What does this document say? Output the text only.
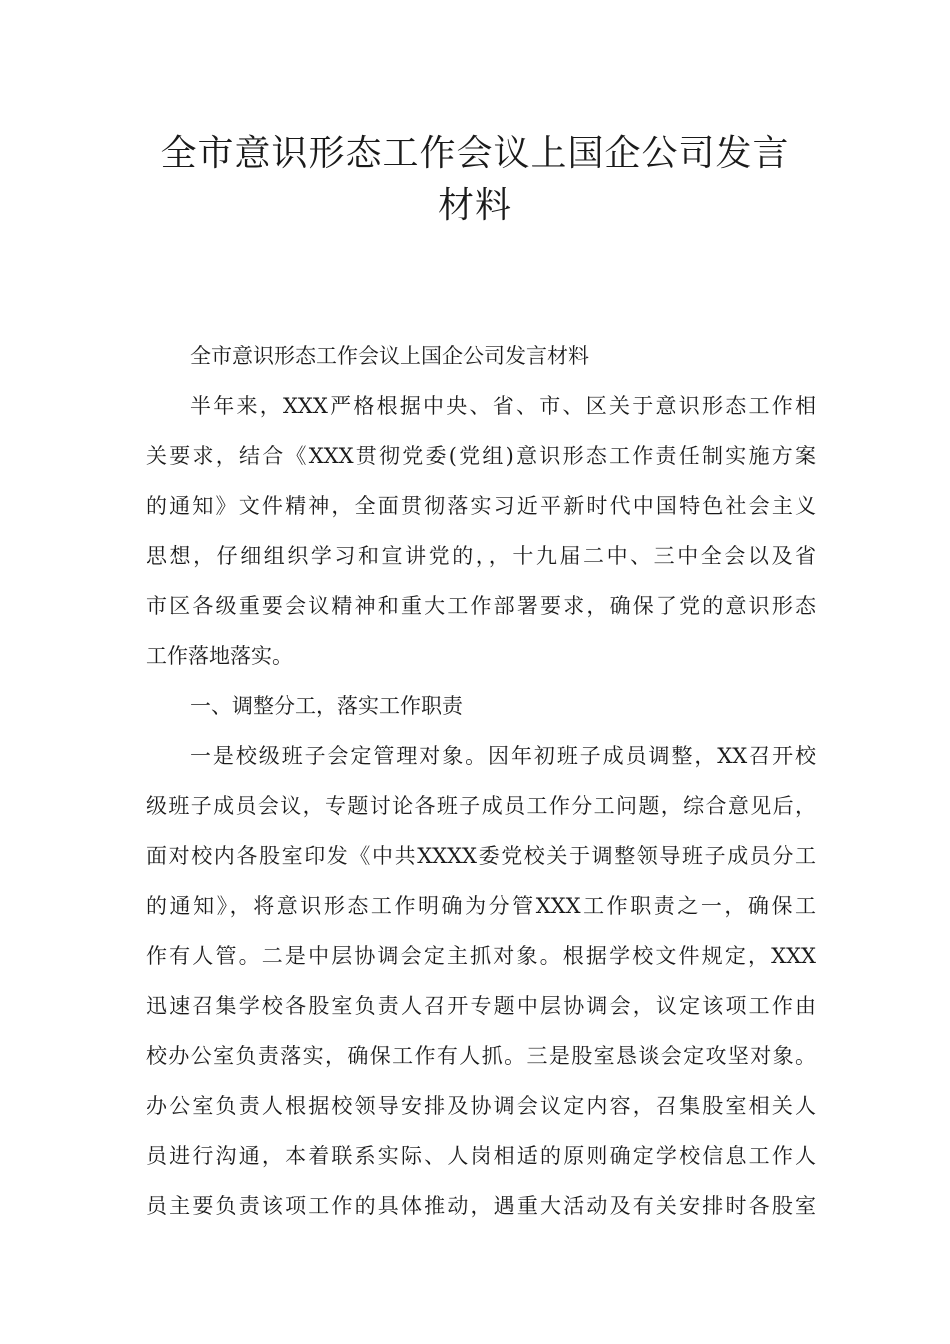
全市意识形态工作会议上国企公司发言
材料
全市意识形态工作会议上国企公司发言材料
半年来，XXX严格根据中央、省、市、区关于意识形态工作相
关要求，结合《XXX贯彻党委(党组)意识形态工作责任制实施方案
的通知》文件精神，全面贯彻落实习近平新时代中国特色社会主义
思想，仔细组织学习和宣讲党的，，十九届二中、三中全会以及省
市区各级重要会议精神和重大工作部署要求，确保了党的意识形态
工作落地落实。
一、调整分工，落实工作职责
一是校级班子会定管理对象。因年初班子成员调整，XX召开校
级班子成员会议，专题讨论各班子成员工作分工问题，综合意见后，
面对校内各股室印发《中共XXXX委党校关于调整领导班子成员分工
的通知》，将意识形态工作明确为分管XXX工作职责之一，确保工
作有人管。二是中层协调会定主抓对象。根据学校文件规定，XXX
迅速召集学校各股室负责人召开专题中层协调会，议定该项工作由
校办公室负责落实，确保工作有人抓。三是股室恳谈会定攻坚对象。
办公室负责人根据校领导安排及协调会议定内容，召集股室相关人
员进行沟通，本着联系实际、人岗相适的原则确定学校信息工作人
员主要负责该项工作的具体推动，遇重大活动及有关安排时各股室
